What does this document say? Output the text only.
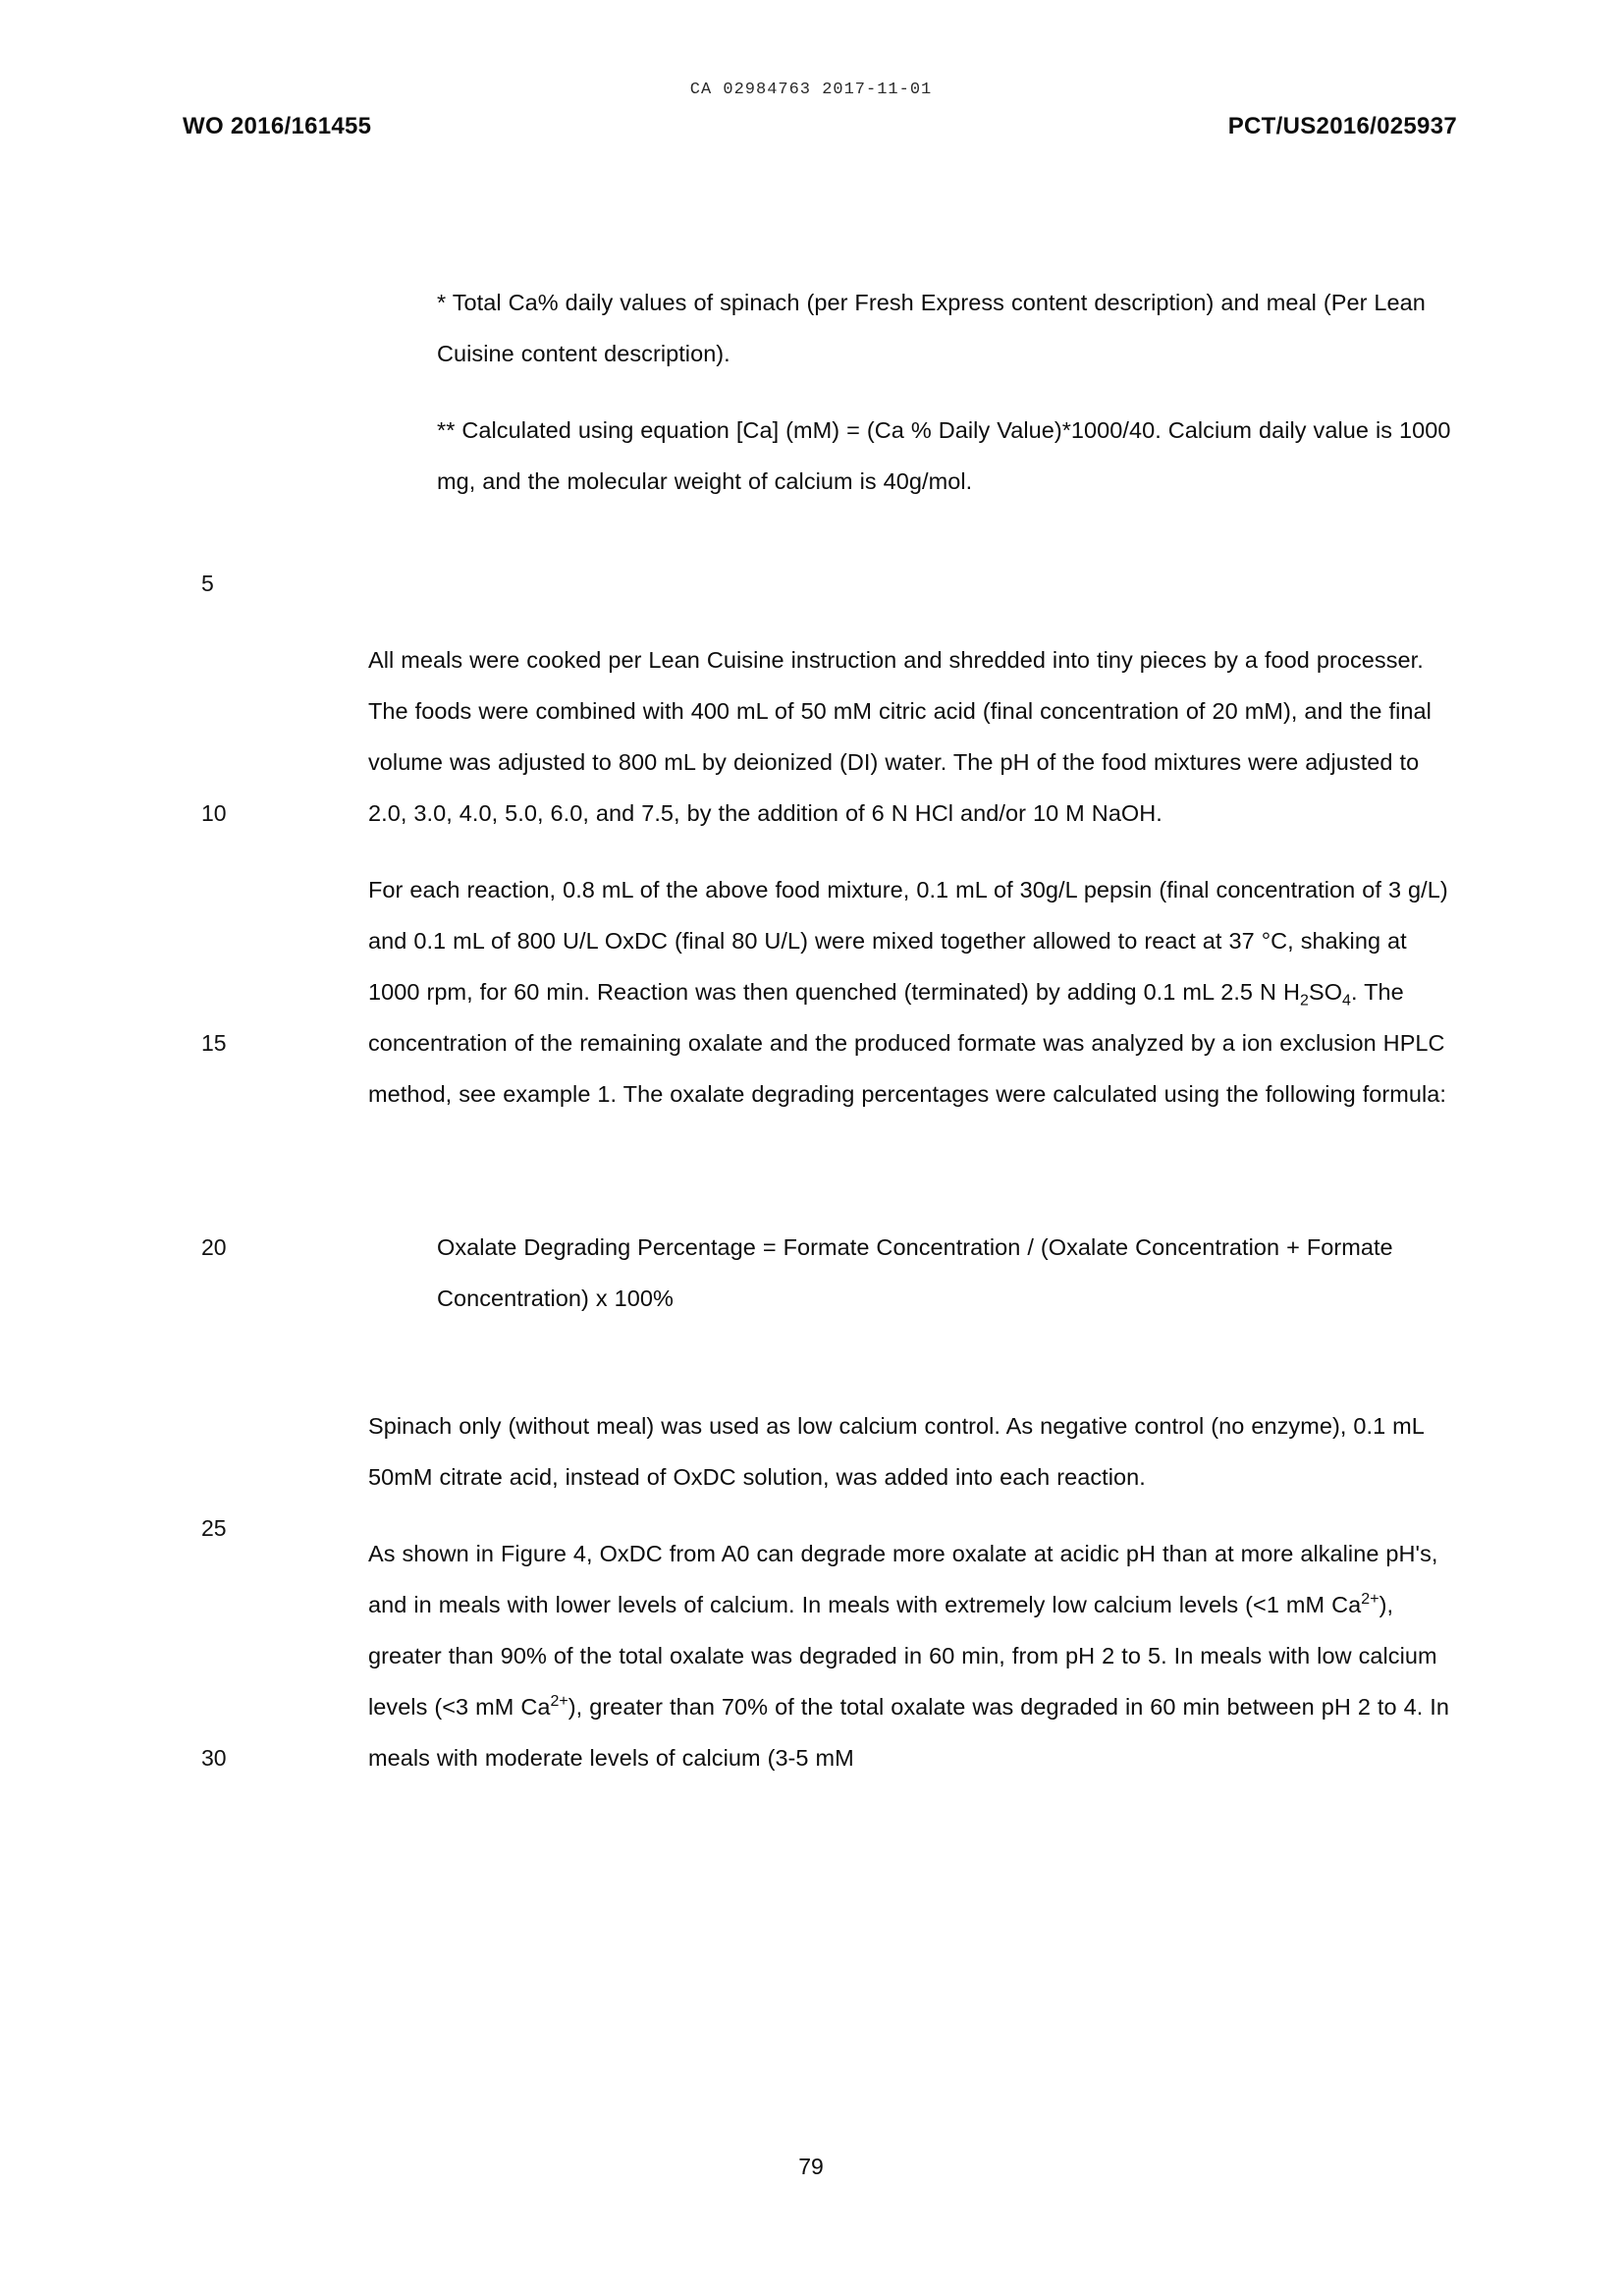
CA 02984763 2017-11-01
WO 2016/161455	PCT/US2016/025937
* Total Ca% daily values of spinach (per Fresh Express content description) and meal (Per Lean Cuisine content description).
5
** Calculated using equation [Ca] (mM) = (Ca % Daily Value)*1000/40. Calcium daily value is 1000 mg, and the molecular weight of calcium is 40g/mol.
10
All meals were cooked per Lean Cuisine instruction and shredded into tiny pieces by a food processer. The foods were combined with 400 mL of 50 mM citric acid (final concentration of 20 mM), and the final volume was adjusted to 800 mL by deionized (DI) water. The pH of the food mixtures were adjusted to 2.0, 3.0, 4.0, 5.0, 6.0, and 7.5, by the addition of 6 N HCl and/or 10 M NaOH.
15
For each reaction, 0.8 mL of the above food mixture, 0.1 mL of 30g/L pepsin (final concentration of 3 g/L) and 0.1 mL of 800 U/L OxDC (final 80 U/L) were mixed together allowed to react at 37 °C, shaking at 1000 rpm, for 60 min. Reaction was then quenched (terminated) by adding 0.1 mL 2.5 N $H_2SO_4$. The concentration of the remaining oxalate and the produced formate was analyzed by a ion exclusion HPLC method, see example 1. The oxalate degrading percentages were calculated using the following formula:
20	Oxalate Degrading Percentage = Formate Concentration / (Oxalate Concentration + Formate Concentration) x 100%
25
Spinach only (without meal) was used as low calcium control. As negative control (no enzyme), 0.1 mL 50mM citrate acid, instead of OxDC solution, was added into each reaction.
30
As shown in Figure 4, OxDC from A0 can degrade more oxalate at acidic pH than at more alkaline pH's, and in meals with lower levels of calcium. In meals with extremely low calcium levels (<1 mM $Ca^{2+}$), greater than 90% of the total oxalate was degraded in 60 min, from pH 2 to 5. In meals with low calcium levels (<3 mM $Ca^{2+}$), greater than 70% of the total oxalate was degraded in 60 min between pH 2 to 4. In meals with moderate levels of calcium (3-5 mM
79
